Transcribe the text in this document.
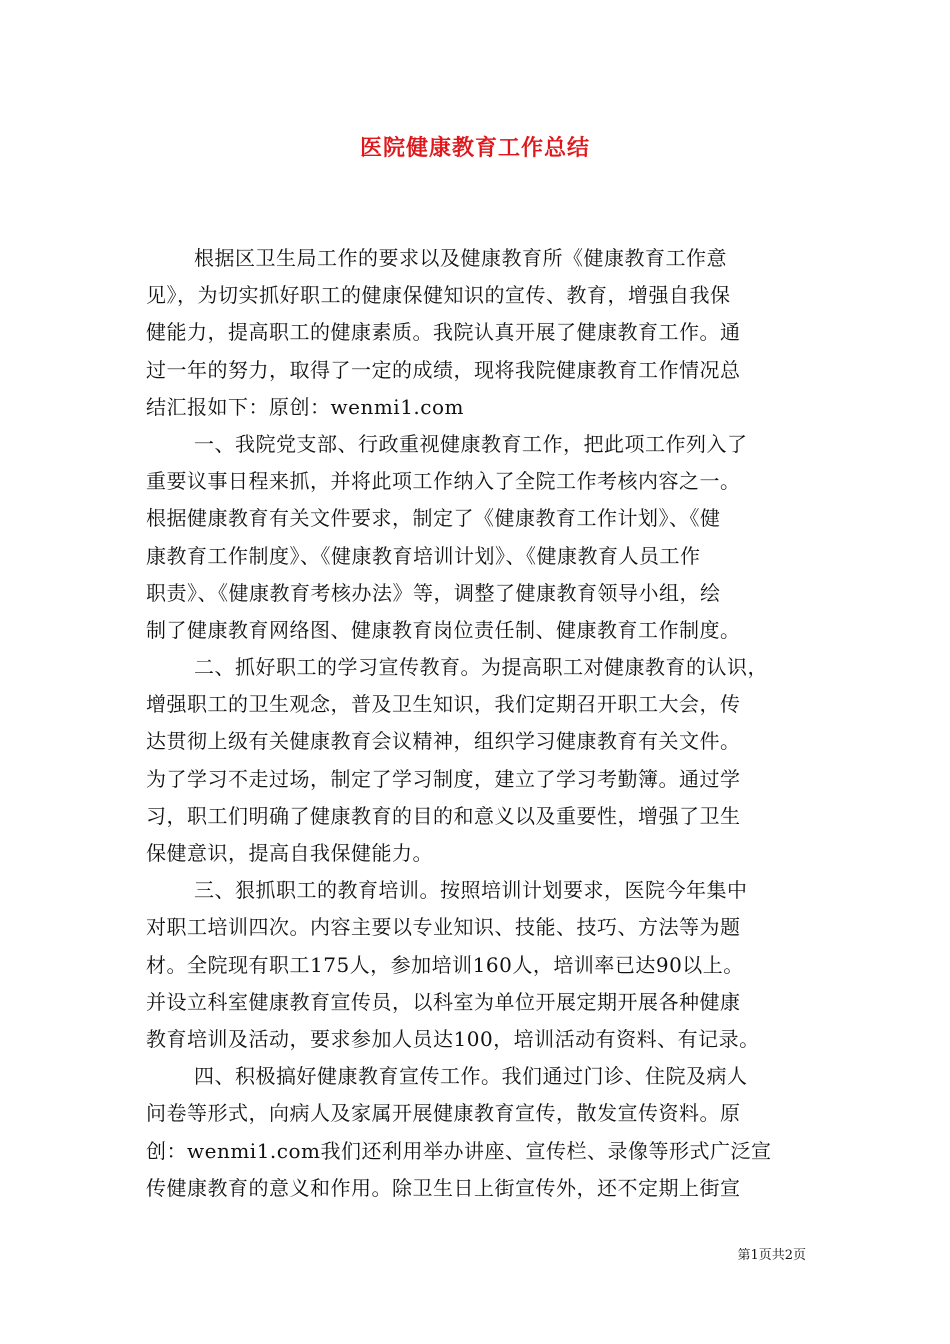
医院健康教育工作总结
根据区卫生局工作的要求以及健康教育所《健康教育工作意
见》，为切实抓好职工的健康保健知识的宣传、教育，增强自我保
健能力，提高职工的健康素质。我院认真开展了健康教育工作。通
过一年的努力，取得了一定的成绩，现将我院健康教育工作情况总
结汇报如下：原创：wenmi1.com
一、我院党支部、行政重视健康教育工作，把此项工作列入了
重要议事日程来抓，并将此项工作纳入了全院工作考核内容之一。
根据健康教育有关文件要求，制定了《健康教育工作计划》、《健
康教育工作制度》、《健康教育培训计划》、《健康教育人员工作
职责》、《健康教育考核办法》等，调整了健康教育领导小组，绘
制了健康教育网络图、健康教育岗位责任制、健康教育工作制度。
二、抓好职工的学习宣传教育。为提高职工对健康教育的认识，
增强职工的卫生观念，普及卫生知识，我们定期召开职工大会，传
达贯彻上级有关健康教育会议精神，组织学习健康教育有关文件。
为了学习不走过场，制定了学习制度，建立了学习考勤簿。通过学
习，职工们明确了健康教育的目的和意义以及重要性，增强了卫生
保健意识，提高自我保健能力。
三、狠抓职工的教育培训。按照培训计划要求，医院今年集中
对职工培训四次。内容主要以专业知识、技能、技巧、方法等为题
材。全院现有职工175人，参加培训160人，培训率已达90以上。
并设立科室健康教育宣传员，以科室为单位开展定期开展各种健康
教育培训及活动，要求参加人员达100，培训活动有资料、有记录。
四、积极搞好健康教育宣传工作。我们通过门诊、住院及病人
问卷等形式，向病人及家属开展健康教育宣传，散发宣传资料。原
创：wenmi1.com我们还利用举办讲座、宣传栏、录像等形式广泛宣
传健康教育的意义和作用。除卫生日上街宣传外，还不定期上街宣
第1页共2页
